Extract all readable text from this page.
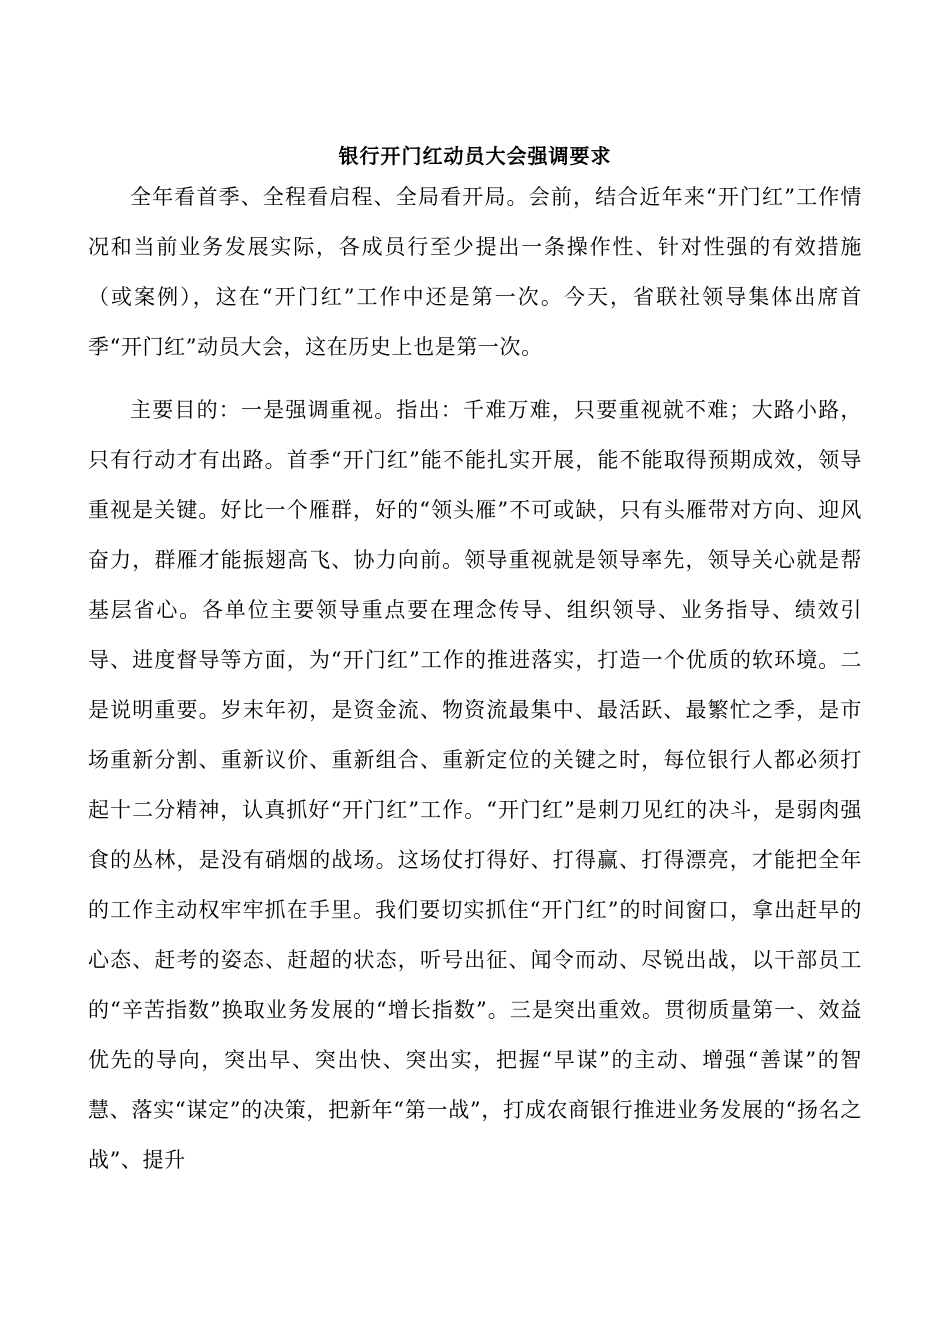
银行开门红动员大会强调要求

全年看首季、全程看启程、全局看开局。会前，结合近年来“开门红”工作情况和当前业务发展实际，各成员行至少提出一条操作性、针对性强的有效措施（或案例），这在“开门红”工作中还是第一次。今天，省联社领导集体出席首季“开门红”动员大会，这在历史上也是第一次。

主要目的：一是强调重视。指出：千难万难，只要重视就不难；大路小路，只有行动才有出路。首季“开门红”能不能扎实开展，能不能取得预期成效，领导重视是关键。好比一个雁群，好的“领头雁”不可或缺，只有头雁带对方向、迎风奋力，群雁才能振翅高飞、协力向前。领导重视就是领导率先，领导关心就是帮基层省心。各单位主要领导重点要在理念传导、组织领导、业务指导、绩效引导、进度督导等方面，为“开门红”工作的推进落实，打造一个优质的软环境。二是说明重要。岁末年初，是资金流、物资流最集中、最活跃、最繁忙之季，是市场重新分割、重新议价、重新组合、重新定位的关键之时，每位银行人都必须打起十二分精神，认真抓好“开门红”工作。“开门红”是刺刀见红的决斗，是弱肉强食的丛林，是没有硝烟的战场。这场仗打得好、打得赢、打得漂亮，才能把全年的工作主动权牢牢抓在手里。我们要切实抓住“开门红”的时间窗口，拿出赶早的心态、赶考的姿态、赶超的状态，听号出征、闻令而动、尽锐出战，以干部员工的“辛苦指数”换取业务发展的“增长指数”。三是突出重效。贯彻质量第一、效益优先的导向，突出早、突出快、突出实，把握“早谋”的主动、增强“善谋”的智慧、落实“谋定”的决策，把新年“第一战”，打成农商银行推进业务发展的“扬名之战”、提升
